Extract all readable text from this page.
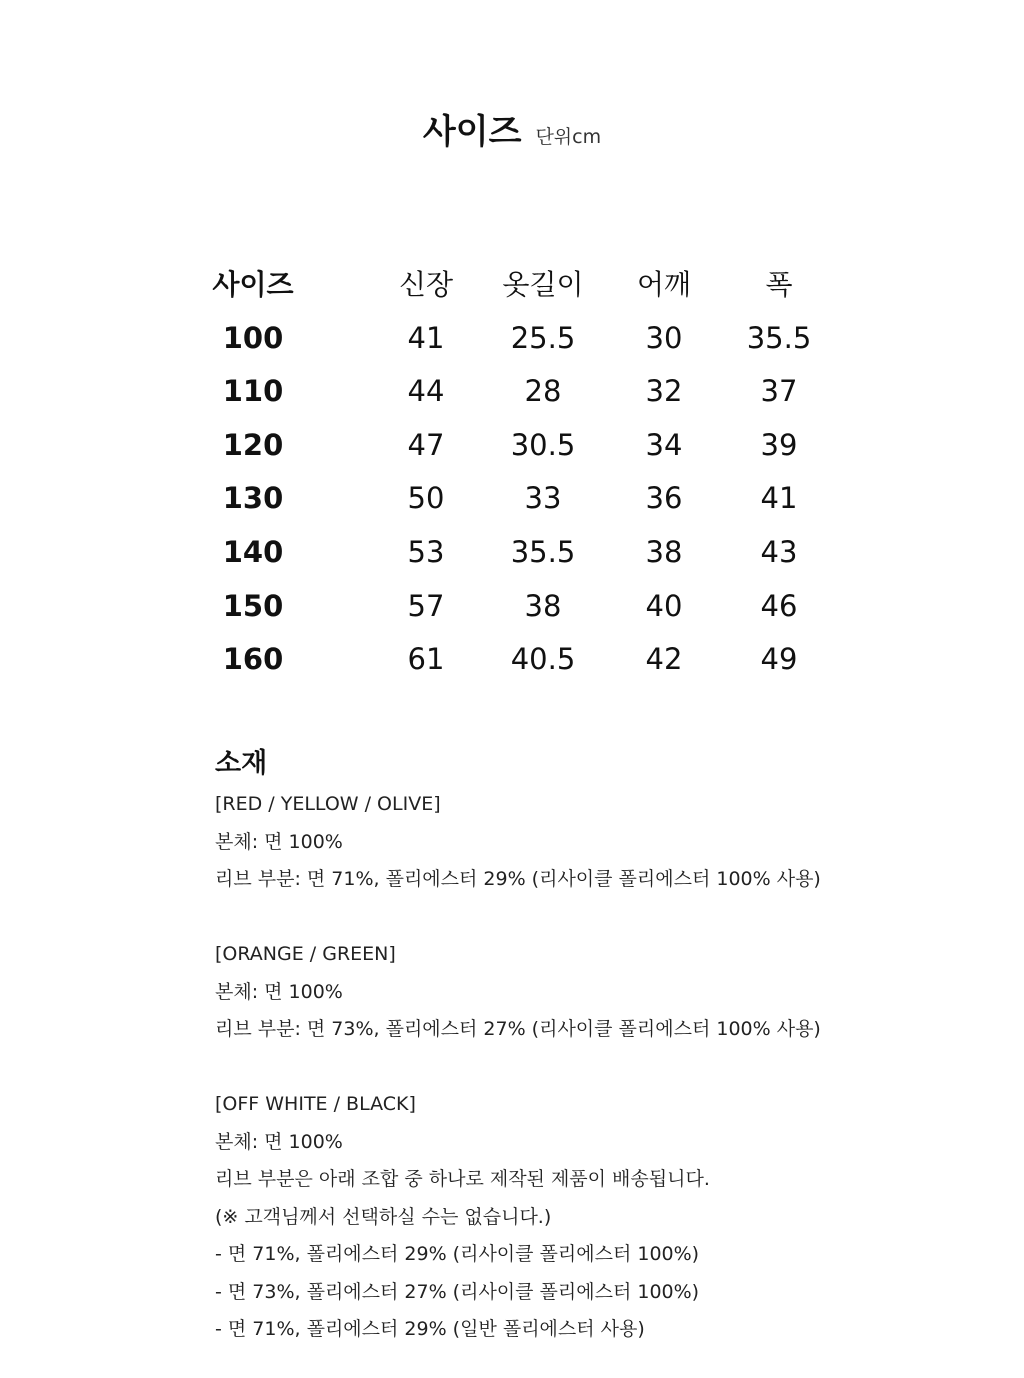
사이즈 단위cm
사이즈	신장	옷길이	어깨	폭
100	41	25.5	30	35.5
110	44	28	32	37
120	47	30.5	34	39
130	50	33	36	41
140	53	35.5	38	43
150	57	38	40	46
160	61	40.5	42	49
소재
[RED / YELLOW / OLIVE]
본체: 면 100%
리브 부분: 면 71%, 폴리에스터 29% (리사이클 폴리에스터 100% 사용)
[ORANGE / GREEN]
본체: 면 100%
리브 부분: 면 73%, 폴리에스터 27% (리사이클 폴리에스터 100% 사용)
[OFF WHITE / BLACK]
본체: 면 100%
리브 부분은 아래 조합 중 하나로 제작된 제품이 배송됩니다.
(※ 고객님께서 선택하실 수는 없습니다.)
- 면 71%, 폴리에스터 29% (리사이클 폴리에스터 100%)
- 면 73%, 폴리에스터 27% (리사이클 폴리에스터 100%)
- 면 71%, 폴리에스터 29% (일반 폴리에스터 사용)
